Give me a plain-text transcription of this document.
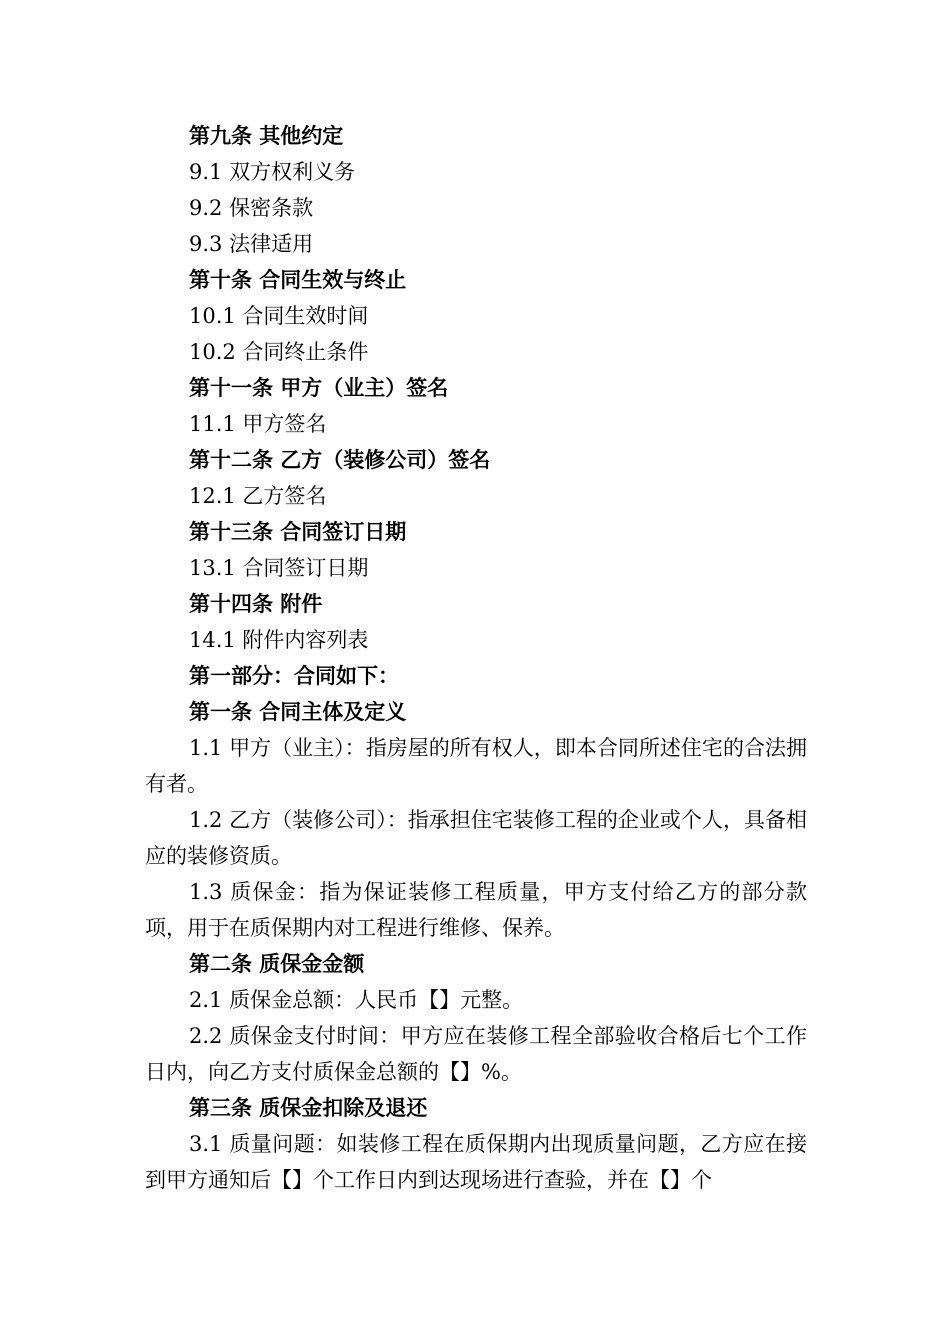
第九条 其他约定
9.1 双方权利义务
9.2 保密条款
9.3 法律适用
第十条 合同生效与终止
10.1 合同生效时间
10.2 合同终止条件
第十一条 甲方（业主）签名
11.1 甲方签名
第十二条 乙方（装修公司）签名
12.1 乙方签名
第十三条 合同签订日期
13.1 合同签订日期
第十四条 附件
14.1 附件内容列表
第一部分：合同如下：
第一条 合同主体及定义

1.1 甲方（业主）：指房屋的所有权人，即本合同所述住宅的合法拥有者。

1.2 乙方（装修公司）：指承担住宅装修工程的企业或个人，具备相应的装修资质。

1.3 质保金：指为保证装修工程质量，甲方支付给乙方的部分款项，用于在质保期内对工程进行维修、保养。

第二条 质保金金额

2.1 质保金总额：人民币【】元整。

2.2 质保金支付时间：甲方应在装修工程全部验收合格后七个工作日内，向乙方支付质保金总额的【】%。

第三条 质保金扣除及退还

3.1 质量问题：如装修工程在质保期内出现质量问题，乙方应在接到甲方通知后【】个工作日内到达现场进行查验，并在【】个
